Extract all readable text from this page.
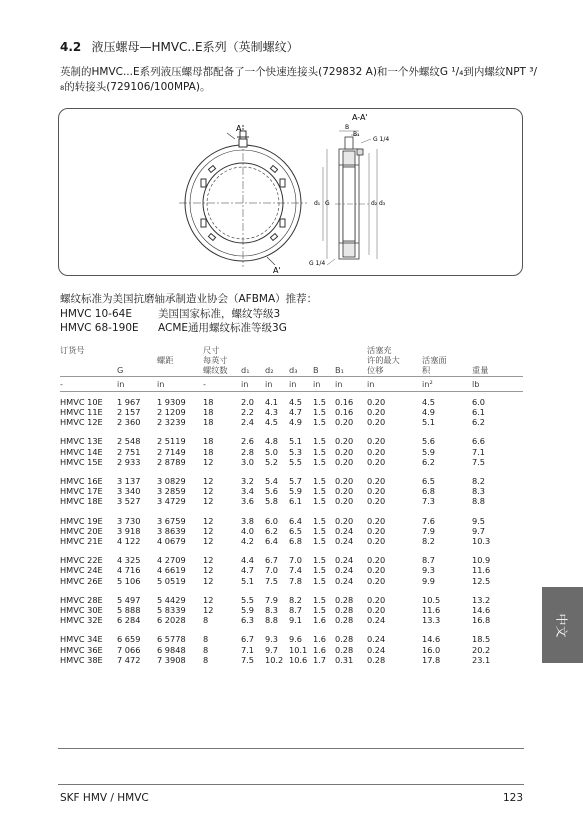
4.2 液压螺母—HMVC..E系列（英制螺纹）
英制的HMVC...E系列液压螺母都配备了一个快速连接头(729832 A)和一个外螺纹G ¹/₄到内螺纹NPT ³/₈的转接头(729106/100MPA)。
A
A'
A-A'
B
B₁
G 1/4
G 1/4
d₁ G	d₂ d₃
螺纹标准为美国抗磨轴承制造业协会（AFBMA）推荐：
HMVC 10-64E 美国国家标准，螺纹等级3
HMVC 68-190E ACME通用螺纹标准等级3G
订货号			尺寸						活塞充		
		螺距	每英寸						许的最大	活塞面	
	G		螺纹数	d₁	d₂	d₃	B	B₁	位移	积	重量
-	in	in	-	in	in	in	in	in	in	in²	lb

HMVC 10E	1 967	1 9309	18	2.0	4.1	4.5	1.5	0.16	0.20	4.5	6.0
HMVC 11E	2 157	2 1209	18	2.2	4.3	4.7	1.5	0.16	0.20	4.9	6.1
HMVC 12E	2 360	2 3239	18	2.4	4.5	4.9	1.5	0.20	0.20	5.1	6.2

HMVC 13E	2 548	2 5119	18	2.6	4.8	5.1	1.5	0.20	0.20	5.6	6.6
HMVC 14E	2 751	2 7149	18	2.8	5.0	5.3	1.5	0.20	0.20	5.9	7.1
HMVC 15E	2 933	2 8789	12	3.0	5.2	5.5	1.5	0.20	0.20	6.2	7.5

HMVC 16E	3 137	3 0829	12	3.2	5.4	5.7	1.5	0.20	0.20	6.5	8.2
HMVC 17E	3 340	3 2859	12	3.4	5.6	5.9	1.5	0.20	0.20	6.8	8.3
HMVC 18E	3 527	3 4729	12	3.6	5.8	6.1	1.5	0.20	0.20	7.3	8.8

HMVC 19E	3 730	3 6759	12	3.8	6.0	6.4	1.5	0.20	0.20	7.6	9.5
HMVC 20E	3 918	3 8639	12	4.0	6.2	6.5	1.5	0.24	0.20	7.9	9.7
HMVC 21E	4 122	4 0679	12	4.2	6.4	6.8	1.5	0.24	0.20	8.2	10.3

HMVC 22E	4 325	4 2709	12	4.4	6.7	7.0	1.5	0.24	0.20	8.7	10.9
HMVC 24E	4 716	4 6619	12	4.7	7.0	7.4	1.5	0.24	0.20	9.3	11.6
HMVC 26E	5 106	5 0519	12	5.1	7.5	7.8	1.5	0.24	0.20	9.9	12.5

HMVC 28E	5 497	5 4429	12	5.5	7.9	8.2	1.5	0.28	0.20	10.5	13.2
HMVC 30E	5 888	5 8339	12	5.9	8.3	8.7	1.5	0.28	0.20	11.6	14.6
HMVC 32E	6 284	6 2028	8	6.3	8.8	9.1	1.6	0.28	0.24	13.3	16.8

HMVC 34E	6 659	6 5778	8	6.7	9.3	9.6	1.6	0.28	0.24	14.6	18.5
HMVC 36E	7 066	6 9848	8	7.1	9.7	10.1	1.6	0.28	0.24	16.0	20.2
HMVC 38E	7 472	7 3908	8	7.5	10.2	10.6	1.7	0.31	0.28	17.8	23.1
SKF HMV / HMVC	123
中文
